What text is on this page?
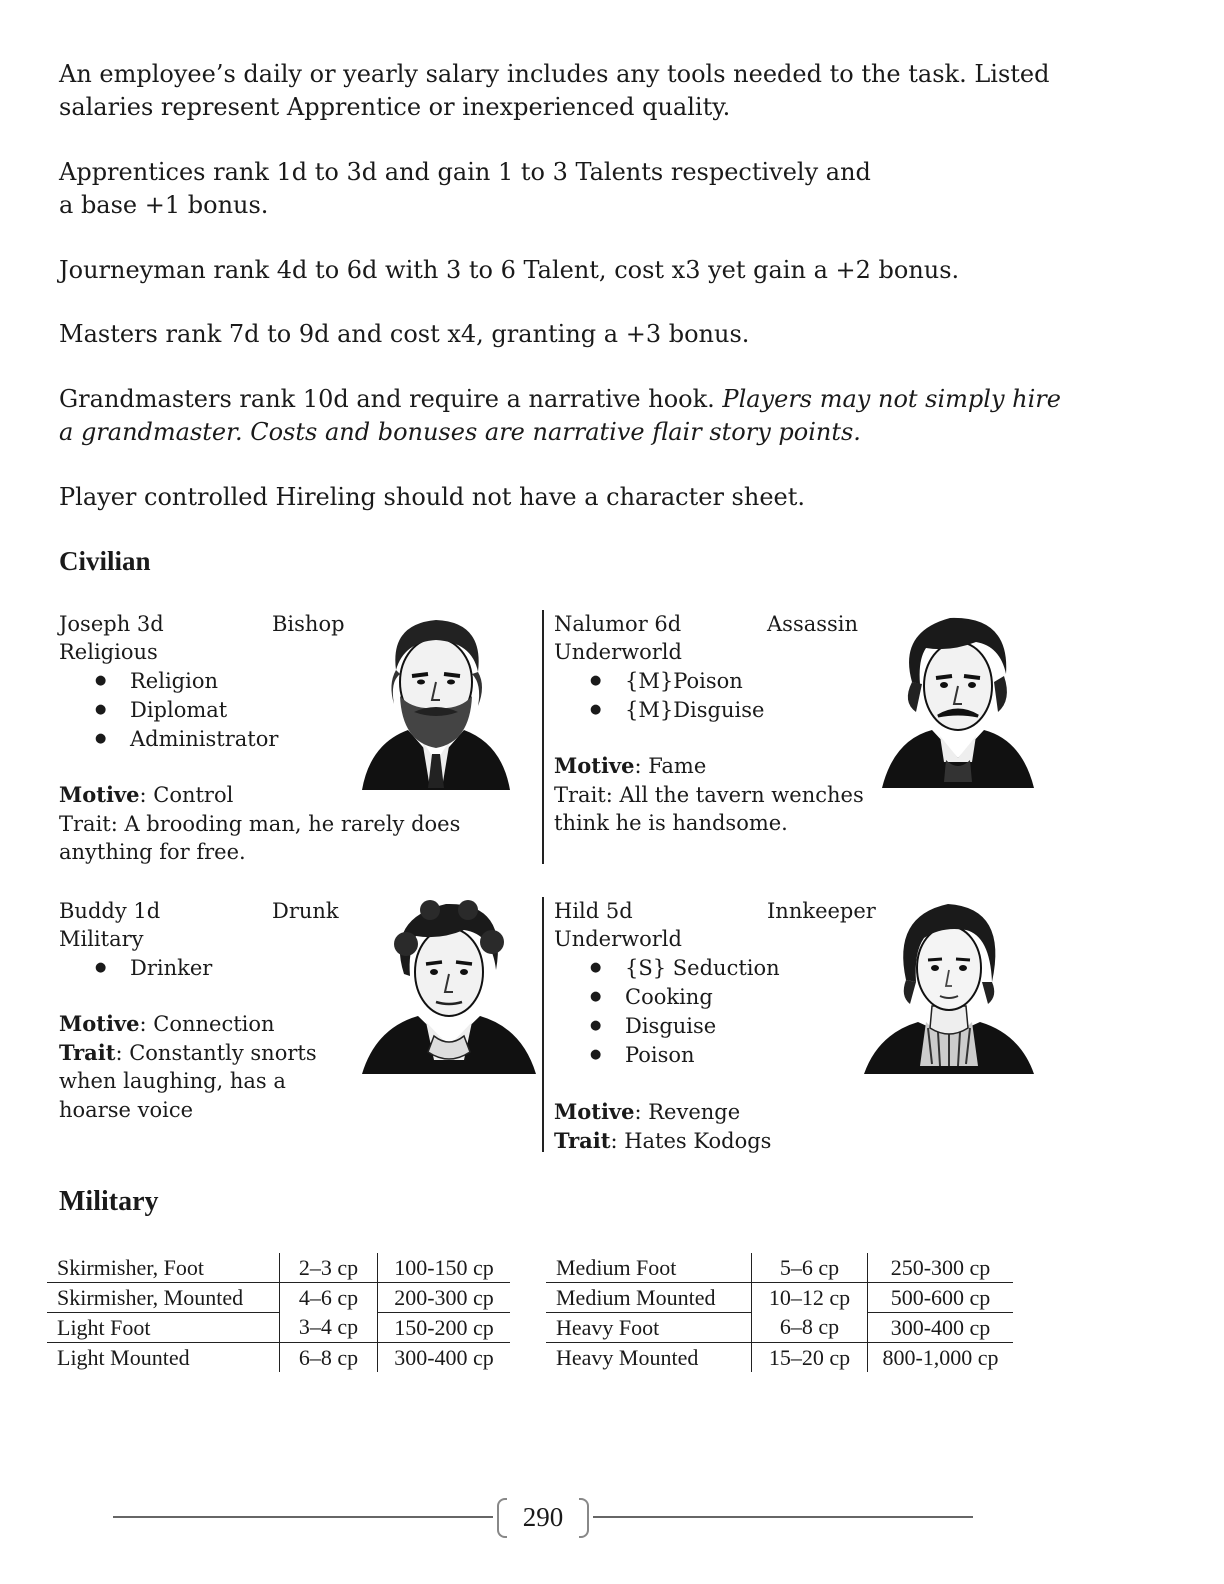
An employee’s daily or yearly salary includes any tools needed to the task. Listed
salaries represent Apprentice or inexperienced quality.

Apprentices rank 1d to 3d and gain 1 to 3 Talents respectively and
a base +1 bonus.

Journeyman rank 4d to 6d with 3 to 6 Talent, cost x3 yet gain a +2 bonus.

Masters rank 7d to 9d and cost x4, granting a +3 bonus.

Grandmasters rank 10d and require a narrative hook. Players may not simply hire
a grandmaster. Costs and bonuses are narrative flair story points.

Player controlled Hireling should not have a character sheet.

Civilian
Joseph 3d	Bishop
Religious
● Religion
● Diplomat
● Administrator
Motive: Control
Trait: A brooding man, he rarely does
anything for free.
Nalumor 6d	Assassin
Underworld
● {M}Poison
● {M}Disguise
Motive: Fame
Trait: All the tavern wenches
think he is handsome.
Buddy 1d	Drunk
Military
● Drinker
Motive: Connection
Trait: Constantly snorts
when laughing, has a
hoarse voice
Hild 5d	Innkeeper
Underworld
● {S} Seduction
● Cooking
● Disguise
● Poison
Motive: Revenge
Trait: Hates Kodogs
Military
Skirmisher, Foot	2–3 cp	100-150 cp
Skirmisher, Mounted	4–6 cp	200-300 cp
Light Foot	3–4 cp	150-200 cp
Light Mounted	6–8 cp	300-400 cp
Medium Foot	5–6 cp	250-300 cp
Medium Mounted	10–12 cp	500-600 cp
Heavy Foot	6–8 cp	300-400 cp
Heavy Mounted	15–20 cp	800-1,000 cp
290
